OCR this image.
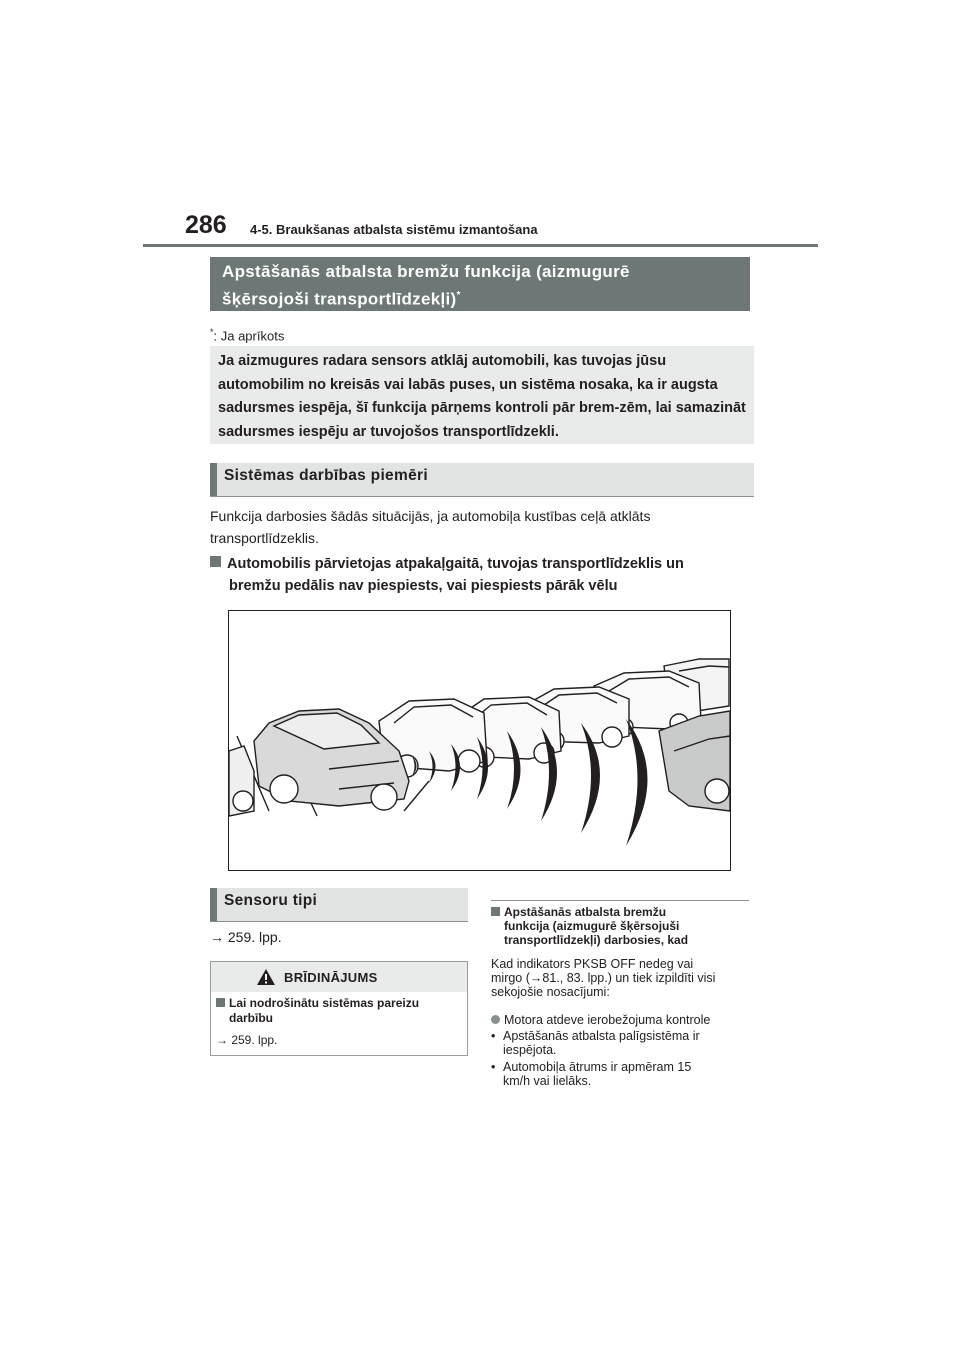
286 4-5. Braukšanas atbalsta sistēmu izmantošana
Apstāšanās atbalsta bremžu funkcija (aizmugurē
šķērsojoši transportlīdzekļi)*
*: Ja aprīkots
Ja aizmugures radara sensors atklāj automobili, kas tuvojas jūsu automobilim no kreisās vai labās puses, un sistēma nosaka, ka ir augsta sadursmes iespēja, šī funkcija pārņems kontroli pār brem-zēm, lai samazināt sadursmes iespēju ar tuvojošos transportlīdzekli.
Sistēmas darbības piemēri
Funkcija darbosies šādās situācijās, ja automobiļa kustības ceļā atklāts transportlīdzeklis.
Automobilis pārvietojas atpakaļgaitā, tuvojas transportlīdzeklis un
bremžu pedālis nav piespiests, vai piespiests pārāk vēlu
Sensoru tipi
→ 259. lpp.
BRĪDINĀJUMS
Lai nodrošinātu sistēmas pareizu
darbību
→ 259. lpp.
Apstāšanās atbalsta bremžu
funkcija (aizmugurē šķērsojuši
transportlīdzekļi) darbosies, kad
Kad indikators PKSB OFF nedeg vai
mirgo (→81., 83. lpp.) un tiek izpildīti visi
sekojošie nosacījumi:
Motora atdeve ierobežojuma kontrole
• Apstāšanās atbalsta palīgsistēma ir
iespējota.
• Automobiļa ātrums ir apmēram 15
km/h vai lielāks.
